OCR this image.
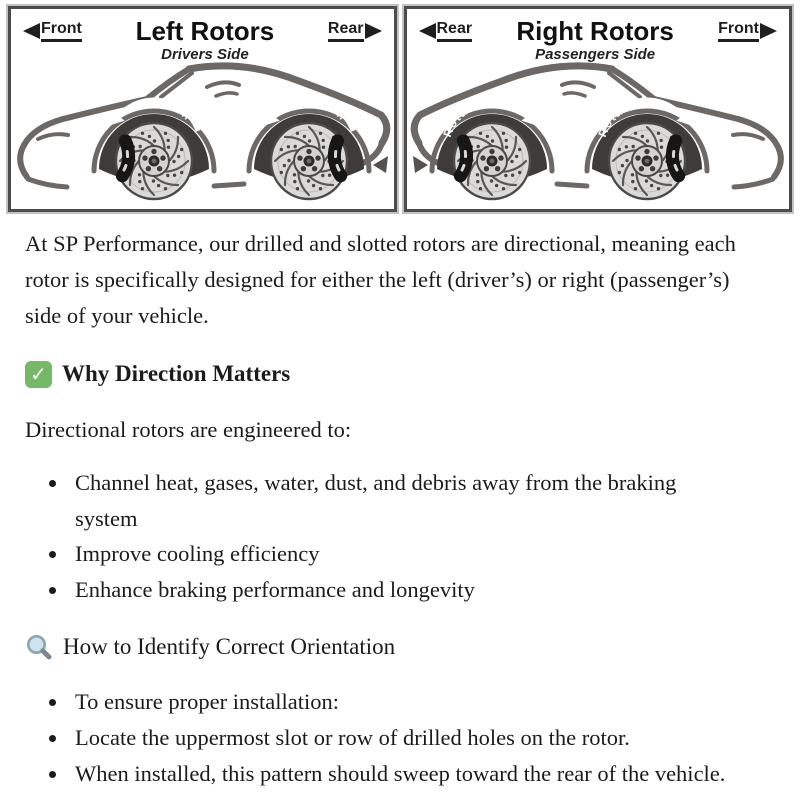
Front Left Rotors
Drivers Side
Rear	Rear Right Rotors
Passengers Side
Front

At SP Performance, our drilled and slotted rotors are directional, meaning each rotor is specifically designed for either the left (driver’s) or right (passenger’s) side of your vehicle.

✓ Why Direction Matters

Directional rotors are engineered to:

• Channel heat, gases, water, dust, and debris away from the braking system
• Improve cooling efficiency
• Enhance braking performance and longevity
How to Identify Correct Orientation
• To ensure proper installation:
• Locate the uppermost slot or row of drilled holes on the rotor.
• When installed, this pattern should sweep toward the rear of the vehicle.
